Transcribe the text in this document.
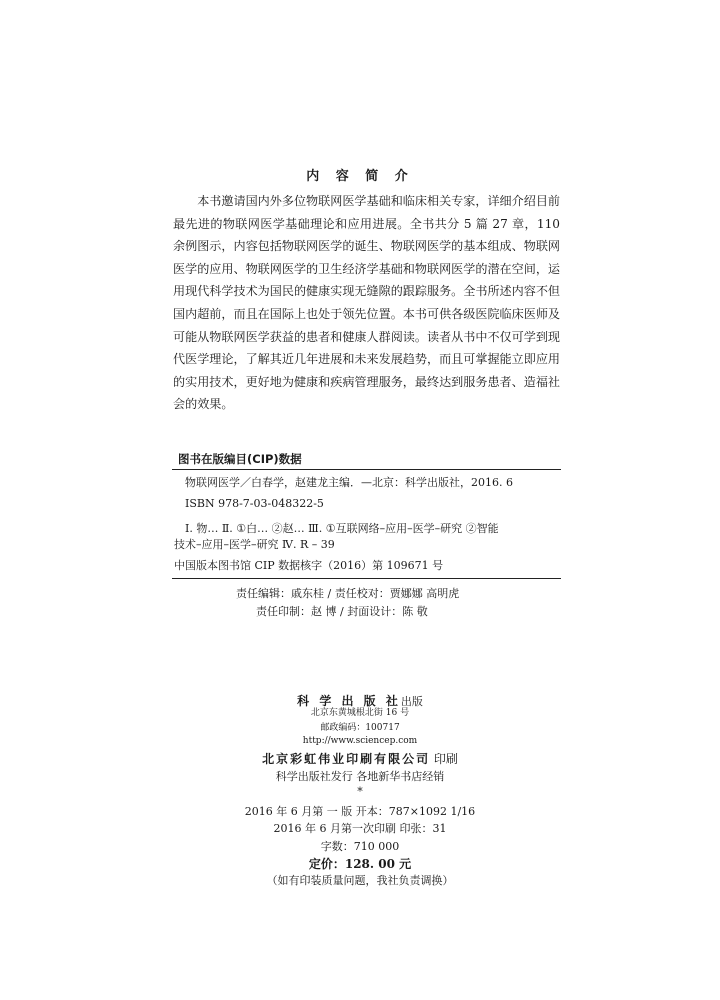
内 容 简 介
本书邀请国内外多位物联网医学基础和临床相关专家，详细介绍目前最先进的物联网医学基础理论和应用进展。全书共分 5 篇 27 章，110 余例图示，内容包括物联网医学的诞生、物联网医学的基本组成、物联网医学的应用、物联网医学的卫生经济学基础和物联网医学的潜在空间，运用现代科学技术为国民的健康实现无缝隙的跟踪服务。全书所述内容不但国内超前，而且在国际上也处于领先位置。本书可供各级医院临床医师及可能从物联网医学获益的患者和健康人群阅读。读者从书中不仅可学到现代医学理论，了解其近几年进展和未来发展趋势，而且可掌握能立即应用的实用技术，更好地为健康和疾病管理服务，最终达到服务患者、造福社会的效果。
图书在版编目(CIP)数据
物联网医学／白春学，赵建龙主编．—北京：科学出版社，2016. 6
ISBN 978-7-03-048322-5
Ⅰ. 物… Ⅱ. ①白… ②赵… Ⅲ. ①互联网络–应用–医学–研究 ②智能
技术–应用–医学–研究 Ⅳ. R – 39
中国版本图书馆 CIP 数据核字（2016）第 109671 号
责任编辑：戚东桂 / 责任校对：贾娜娜 高明虎
责任印制：赵 博 / 封面设计：陈 敬
科 学 出 版 社出版
北京东黄城根北街 16 号
邮政编码：100717
http://www.sciencep.com
北京彩虹伟业印刷有限公司 印刷
科学出版社发行 各地新华书店经销
*
2016 年 6 月第 一 版 开本：787×1092 1/16
2016 年 6 月第一次印刷 印张：31
字数：710 000
定价：128. 00 元
（如有印装质量问题，我社负责调换）
